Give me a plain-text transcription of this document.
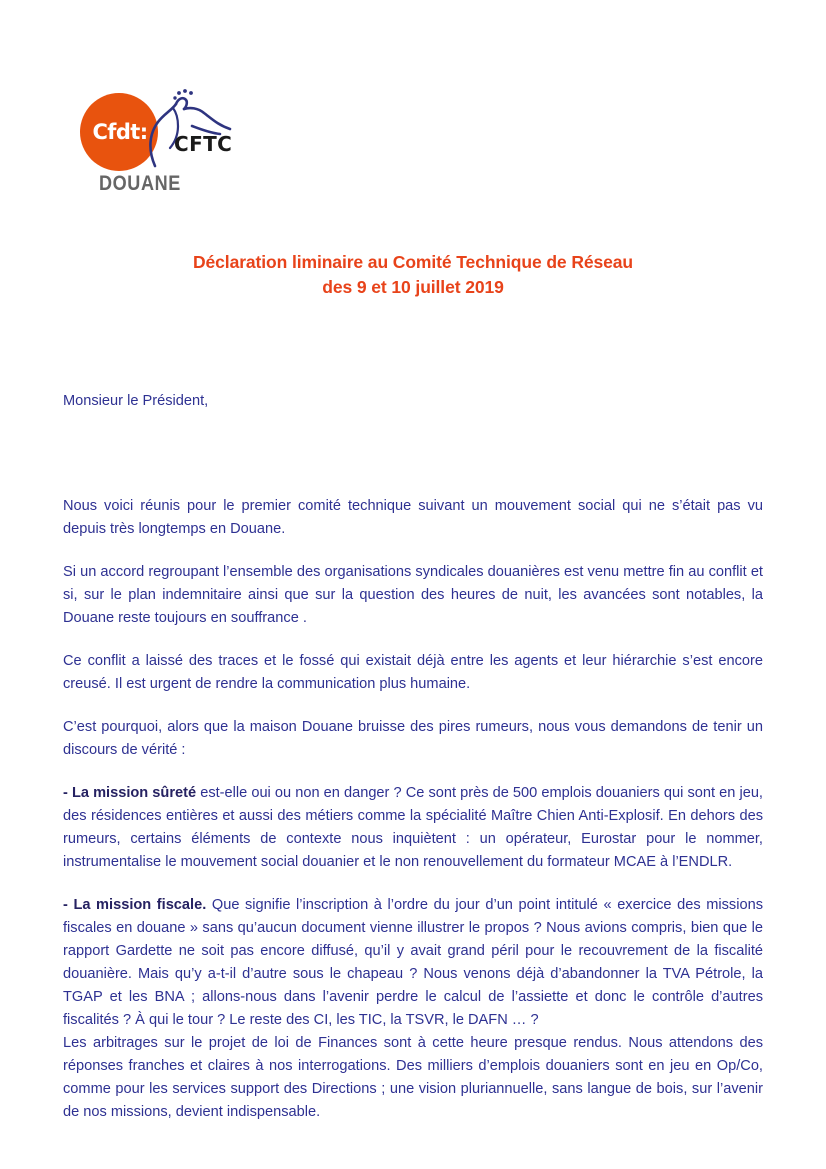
Cfdt:
CFTC
DOUANE
Déclaration liminaire au Comité Technique de Réseau
des 9 et 10 juillet 2019

Monsieur le Président,

Nous voici réunis pour le premier comité technique suivant un mouvement social qui ne s’était pas vu depuis très longtemps en Douane.

Si un accord regroupant l’ensemble des organisations syndicales douanières est venu mettre fin au conflit et si, sur le plan indemnitaire ainsi que sur la question des heures de nuit, les avancées sont notables, la Douane reste toujours en souffrance .

Ce conflit a laissé des traces et le fossé qui existait déjà entre les agents et leur hiérarchie s’est encore creusé. Il est urgent de rendre la communication plus humaine.

C’est pourquoi, alors que la maison Douane bruisse des pires rumeurs, nous vous demandons de tenir un discours de vérité :

- La mission sûreté est-elle oui ou non en danger ? Ce sont près de 500 emplois douaniers qui sont en jeu, des résidences entières et aussi des métiers comme la spécialité Maître Chien Anti-Explosif. En dehors des rumeurs, certains éléments de contexte nous inquiètent : un opérateur, Eurostar pour le nommer, instrumentalise le mouvement social douanier et le non renouvellement du formateur MCAE à l’ENDLR.

- La mission fiscale. Que signifie l’inscription à l’ordre du jour d’un point intitulé « exercice des missions fiscales en douane » sans qu’aucun document vienne illustrer le propos ? Nous avions compris, bien que le rapport Gardette ne soit pas encore diffusé, qu’il y avait grand péril pour le recouvrement de la fiscalité douanière. Mais qu’y a-t-il d’autre sous le chapeau ? Nous venons déjà d’abandonner la TVA Pétrole, la TGAP et les BNA ; allons-nous dans l’avenir perdre le calcul de l’assiette et donc le contrôle d’autres fiscalités ? À qui le tour ? Le reste des CI, les TIC, la TSVR, le DAFN … ?

Les arbitrages sur le projet de loi de Finances sont à cette heure presque rendus. Nous attendons des réponses franches et claires à nos interrogations. Des milliers d’emplois douaniers sont en jeu en Op/Co, comme pour les services support des Directions ; une vision pluriannuelle, sans langue de bois, sur l’avenir de nos missions, devient indispensable.
